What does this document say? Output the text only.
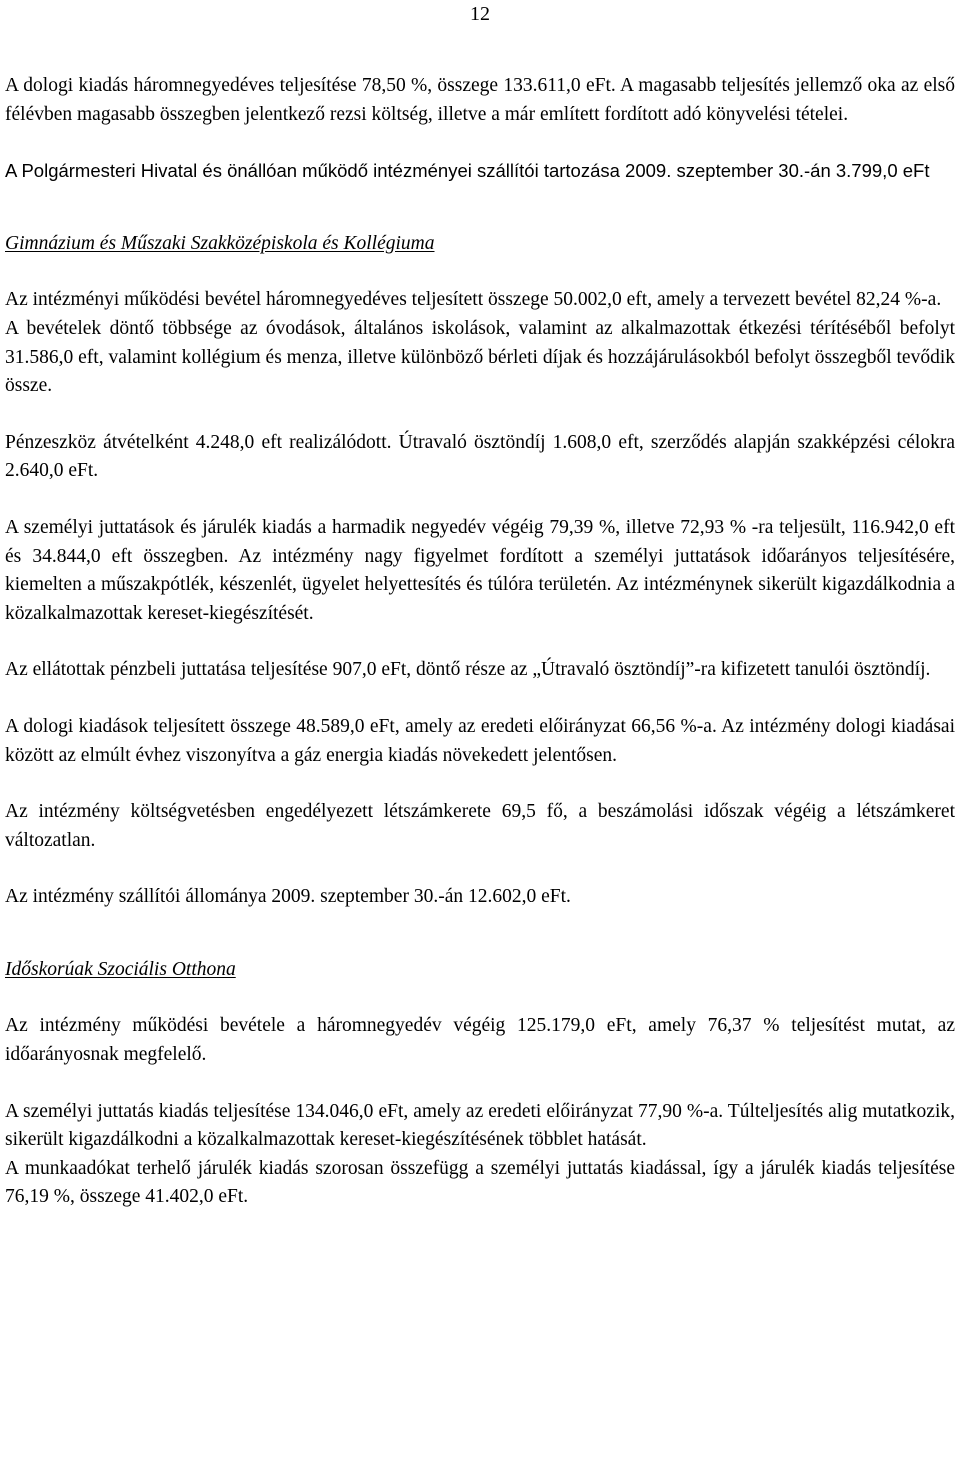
12

A dologi kiadás háromnegyedéves teljesítése 78,50 %, összege 133.611,0 eFt. A magasabb teljesítés jellemző oka az első félévben magasabb összegben jelentkező rezsi költség, illetve a már említett fordított adó könyvelési tételei.

A Polgármesteri Hivatal és önállóan működő intézményei szállítói tartozása 2009. szeptember 30.-án 3.799,0 eFt

Gimnázium és Műszaki Szakközépiskola és Kollégiuma

Az intézményi működési bevétel háromnegyedéves teljesített összege 50.002,0 eft, amely a tervezett bevétel 82,24 %-a.

A bevételek döntő többsége az óvodások, általános iskolások, valamint az alkalmazottak étkezési térítéséből befolyt 31.586,0 eft, valamint kollégium és menza, illetve különböző bérleti díjak és hozzájárulásokból befolyt összegből tevődik össze.

Pénzeszköz átvételként 4.248,0 eft realizálódott. Útravaló ösztöndíj 1.608,0 eft, szerződés alapján szakképzési célokra 2.640,0 eFt.

A személyi juttatások és járulék kiadás a harmadik negyedév végéig 79,39 %, illetve 72,93 % -ra teljesült, 116.942,0 eft és 34.844,0 eft összegben. Az intézmény nagy figyelmet fordított a személyi juttatások időarányos teljesítésére, kiemelten a műszakpótlék, készenlét, ügyelet helyettesítés és túlóra területén. Az intézménynek sikerült kigazdálkodnia a közalkalmazottak kereset-kiegészítését.

Az ellátottak pénzbeli juttatása teljesítése 907,0 eFt, döntő része az „Útravaló ösztöndíj”-ra kifizetett tanulói ösztöndíj.

A dologi kiadások teljesített összege 48.589,0 eFt, amely az eredeti előirányzat 66,56 %-a. Az intézmény dologi kiadásai között az elmúlt évhez viszonyítva a gáz energia kiadás növekedett jelentősen.

Az intézmény költségvetésben engedélyezett létszámkerete 69,5 fő, a beszámolási időszak végéig a létszámkeret változatlan.

Az intézmény szállítói állománya 2009. szeptember 30.-án 12.602,0 eFt.

Időskorúak Szociális Otthona

Az intézmény működési bevétele a háromnegyedév végéig 125.179,0 eFt, amely 76,37 % teljesítést mutat, az időarányosnak megfelelő.

A személyi juttatás kiadás teljesítése 134.046,0 eFt, amely az eredeti előirányzat 77,90 %-a. Túlteljesítés alig mutatkozik, sikerült kigazdálkodni a közalkalmazottak kereset-kiegészítésének többlet hatását.

A munkaadókat terhelő járulék kiadás szorosan összefügg a személyi juttatás kiadással, így a járulék kiadás teljesítése 76,19 %, összege 41.402,0 eFt.
